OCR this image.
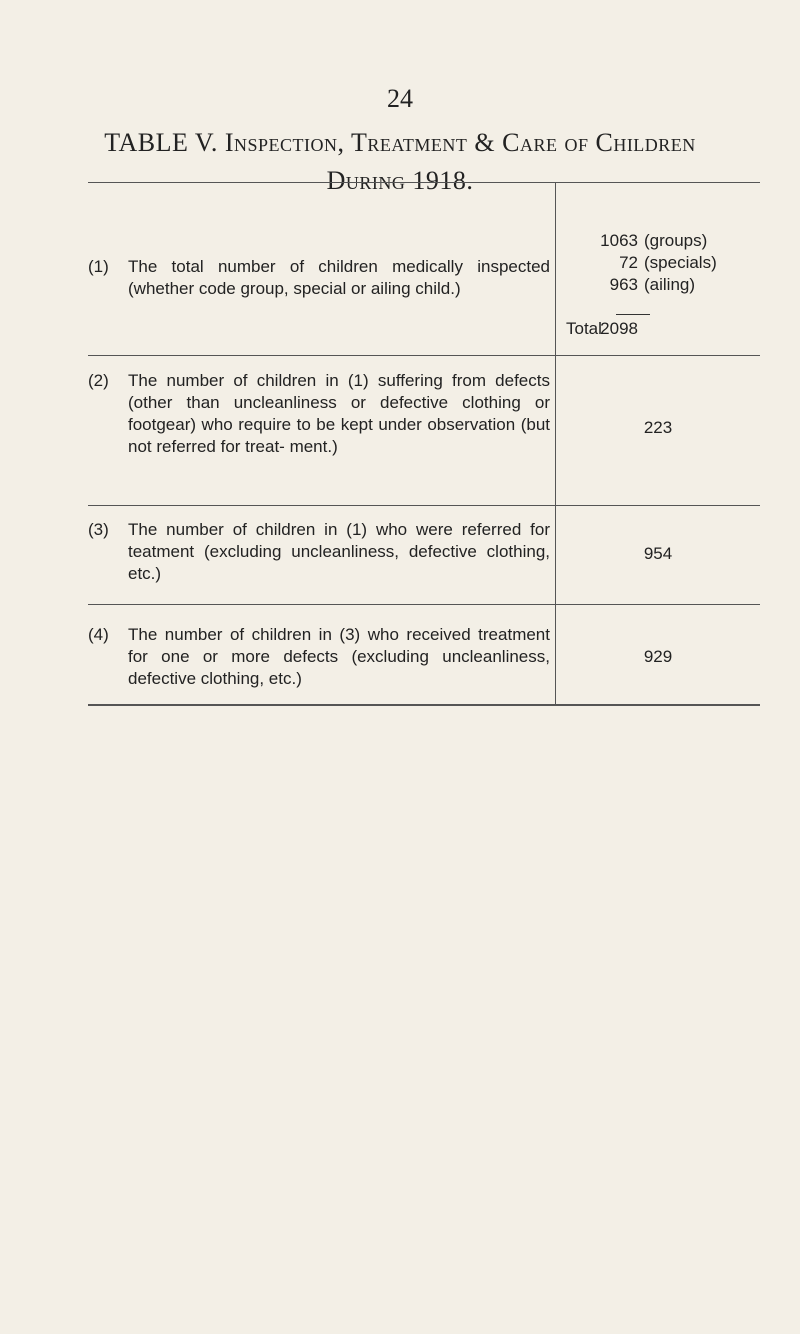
24
TABLE V. Inspection, Treatment & Care of Children
During 1918.
(1) The total number of children medically inspected (whether code group, special or ailing child.)
1063 (groups)
72 (specials)
963 (ailing)
Total
2098
(2) The number of children in (1) suffering from defects (other than uncleanliness or defective clothing or footgear) who require to be kept under observation (but not referred for treat- ment.)
223
(3) The number of children in (1) who were referred for teatment (excluding uncleanliness, defective clothing, etc.)
954
(4) The number of children in (3) who received treatment for one or more defects (excluding uncleanliness, defective clothing, etc.)
929
